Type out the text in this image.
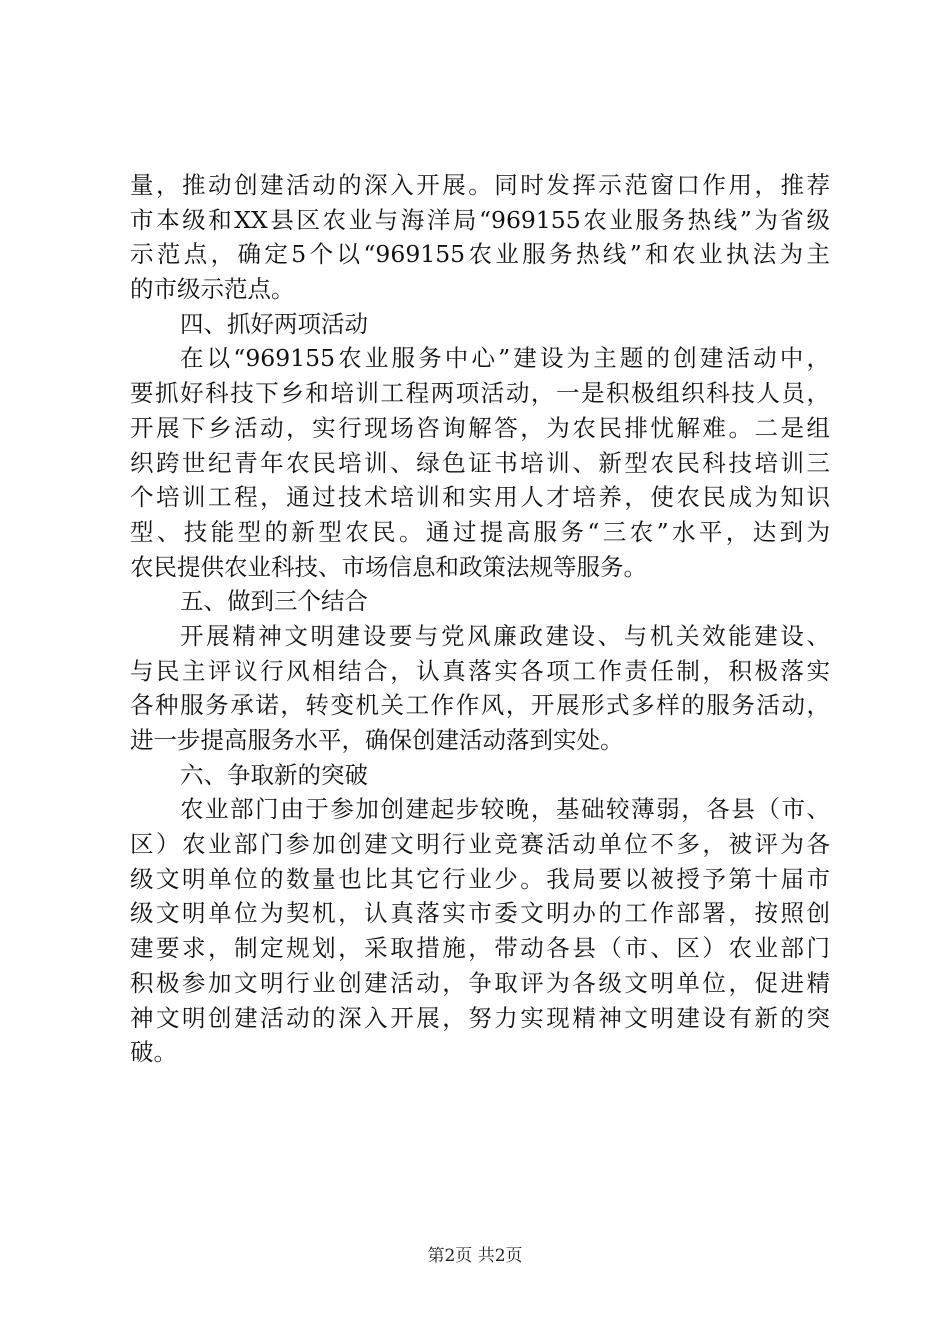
量，推动创建活动的深入开展。同时发挥示范窗口作用，推荐
市本级和XX县区农业与海洋局“969155农业服务热线”为省级
示范点，确定5个以“969155农业服务热线”和农业执法为主
的市级示范点。
四、抓好两项活动
在以“969155农业服务中心”建设为主题的创建活动中，
要抓好科技下乡和培训工程两项活动，一是积极组织科技人员，
开展下乡活动，实行现场咨询解答，为农民排忧解难。二是组
织跨世纪青年农民培训、绿色证书培训、新型农民科技培训三
个培训工程，通过技术培训和实用人才培养，使农民成为知识
型、技能型的新型农民。通过提高服务“三农”水平，达到为
农民提供农业科技、市场信息和政策法规等服务。
五、做到三个结合
开展精神文明建设要与党风廉政建设、与机关效能建设、
与民主评议行风相结合，认真落实各项工作责任制，积极落实
各种服务承诺，转变机关工作作风，开展形式多样的服务活动，
进一步提高服务水平，确保创建活动落到实处。
六、争取新的突破
农业部门由于参加创建起步较晚，基础较薄弱，各县（市、
区）农业部门参加创建文明行业竞赛活动单位不多，被评为各
级文明单位的数量也比其它行业少。我局要以被授予第十届市
级文明单位为契机，认真落实市委文明办的工作部署，按照创
建要求，制定规划，采取措施，带动各县（市、区）农业部门
积极参加文明行业创建活动，争取评为各级文明单位，促进精
神文明创建活动的深入开展，努力实现精神文明建设有新的突
破。
第2页 共2页
